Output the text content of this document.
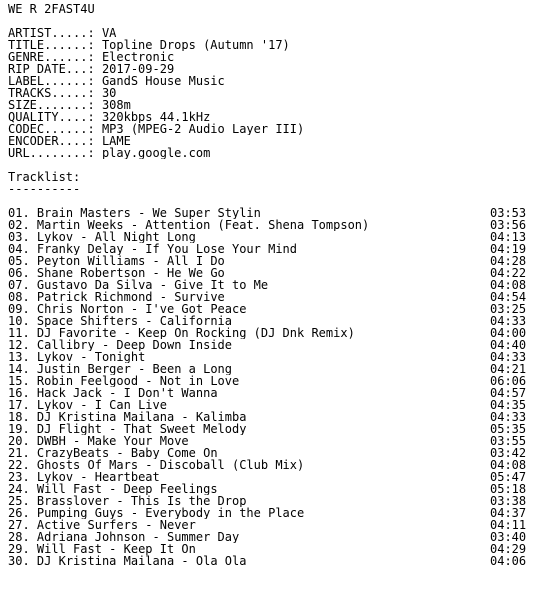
WE R 2FAST4U
ARTIST.....: VA
TITLE......: Topline Drops (Autumn '17)
GENRE......: Electronic
RIP DATE...: 2017-09-29
LABEL......: GandS House Music
TRACKS.....: 30
SIZE.......: 308m
QUALITY....: 320kbps 44.1kHz
CODEC......: MP3 (MPEG-2 Audio Layer III)
ENCODER....: LAME
URL........: play.google.com
Tracklist:
----------
01. Brain Masters - We Super Stylin	03:53
02. Martin Weeks - Attention (Feat. Shena Tompson)	03:56
03. Lykov - All Night Long	04:13
04. Franky Delay - If You Lose Your Mind	04:19
05. Peyton Williams - All I Do	04:28
06. Shane Robertson - He We Go	04:22
07. Gustavo Da Silva - Give It to Me	04:08
08. Patrick Richmond - Survive	04:54
09. Chris Norton - I've Got Peace	03:25
10. Space Shifters - California	04:33
11. DJ Favorite - Keep On Rocking (DJ Dnk Remix)	04:00
12. Callibry - Deep Down Inside	04:40
13. Lykov - Tonight	04:33
14. Justin Berger - Been a Long	04:21
15. Robin Feelgood - Not in Love	06:06
16. Hack Jack - I Don't Wanna	04:57
17. Lykov - I Can Live	04:35
18. DJ Kristina Mailana - Kalimba	04:33
19. DJ Flight - That Sweet Melody	05:35
20. DWBH - Make Your Move	03:55
21. CrazyBeats - Baby Come On	03:42
22. Ghosts Of Mars - Discoball (Club Mix)	04:08
23. Lykov - Heartbeat	05:47
24. Will Fast - Deep Feelings	05:18
25. Brasslover - This Is the Drop	03:38
26. Pumping Guys - Everybody in the Place	04:37
27. Active Surfers - Never	04:11
28. Adriana Johnson - Summer Day	03:40
29. Will Fast - Keep It On	04:29
30. DJ Kristina Mailana - Ola Ola	04:06
